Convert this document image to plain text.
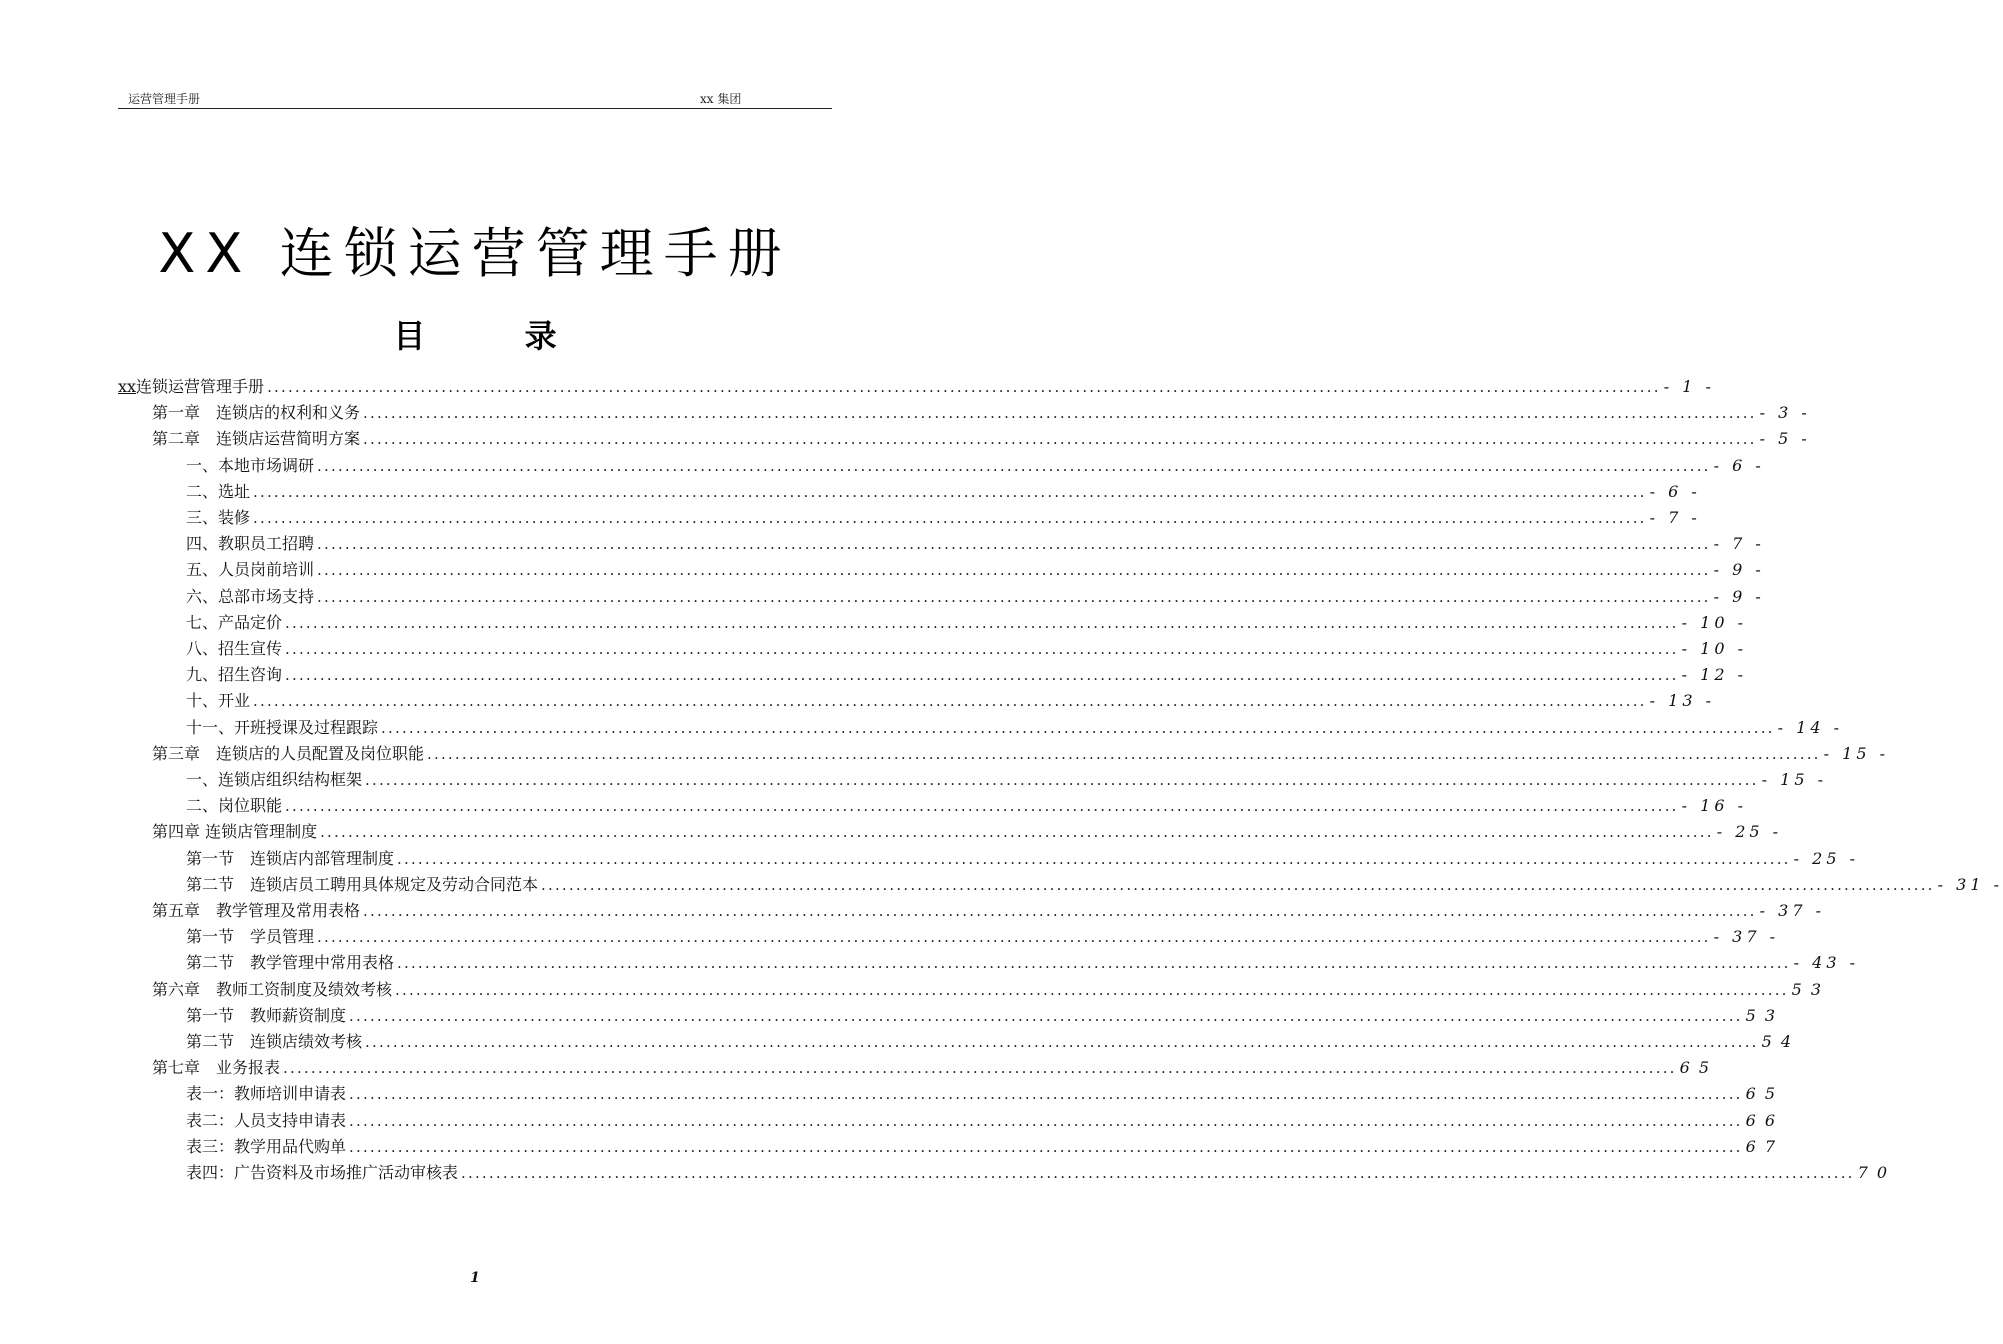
运营管理手册	xx 集团
XX 连锁运营管理手册
目 录
xx连锁运营管理手册 ........................................................................................................................................................................................................ - 1 -
第一章　连锁店的权利和义务 ........................................................................................................................................................................................................ - 3 -
第二章　连锁店运营简明方案 ........................................................................................................................................................................................................ - 5 -
一、本地市场调研 ........................................................................................................................................................................................................ - 6 -
二、选址 ........................................................................................................................................................................................................ - 6 -
三、装修 ........................................................................................................................................................................................................ - 7 -
四、教职员工招聘 ........................................................................................................................................................................................................ - 7 -
五、人员岗前培训 ........................................................................................................................................................................................................ - 9 -
六、总部市场支持 ........................................................................................................................................................................................................ - 9 -
七、产品定价 ........................................................................................................................................................................................................ - 10 -
八、招生宣传 ........................................................................................................................................................................................................ - 10 -
九、招生咨询 ........................................................................................................................................................................................................ - 12 -
十、开业 ........................................................................................................................................................................................................ - 13 -
十一、开班授课及过程跟踪 ........................................................................................................................................................................................................ - 14 -
第三章　连锁店的人员配置及岗位职能 ........................................................................................................................................................................................................ - 15 -
一、连锁店组织结构框架 ........................................................................................................................................................................................................ - 15 -
二、岗位职能 ........................................................................................................................................................................................................ - 16 -
第四章 连锁店管理制度 ........................................................................................................................................................................................................ - 25 -
第一节　连锁店内部管理制度 ........................................................................................................................................................................................................ - 25 -
第二节　连锁店员工聘用具体规定及劳动合同范本 ........................................................................................................................................................................................................ - 31 -
第五章　教学管理及常用表格 ........................................................................................................................................................................................................ - 37 -
第一节　学员管理 ........................................................................................................................................................................................................ - 37 -
第二节　教学管理中常用表格 ........................................................................................................................................................................................................ - 43 -
第六章　教师工资制度及绩效考核 ........................................................................................................................................................................................................ 53
第一节　教师薪资制度 ........................................................................................................................................................................................................ 53
第二节　连锁店绩效考核 ........................................................................................................................................................................................................ 54
第七章　业务报表 ........................................................................................................................................................................................................ 65
表一：教师培训申请表 ........................................................................................................................................................................................................ 65
表二：人员支持申请表 ........................................................................................................................................................................................................ 66
表三：教学用品代购单 ........................................................................................................................................................................................................ 67
表四：广告资料及市场推广活动审核表 ........................................................................................................................................................................................................ 70
1
